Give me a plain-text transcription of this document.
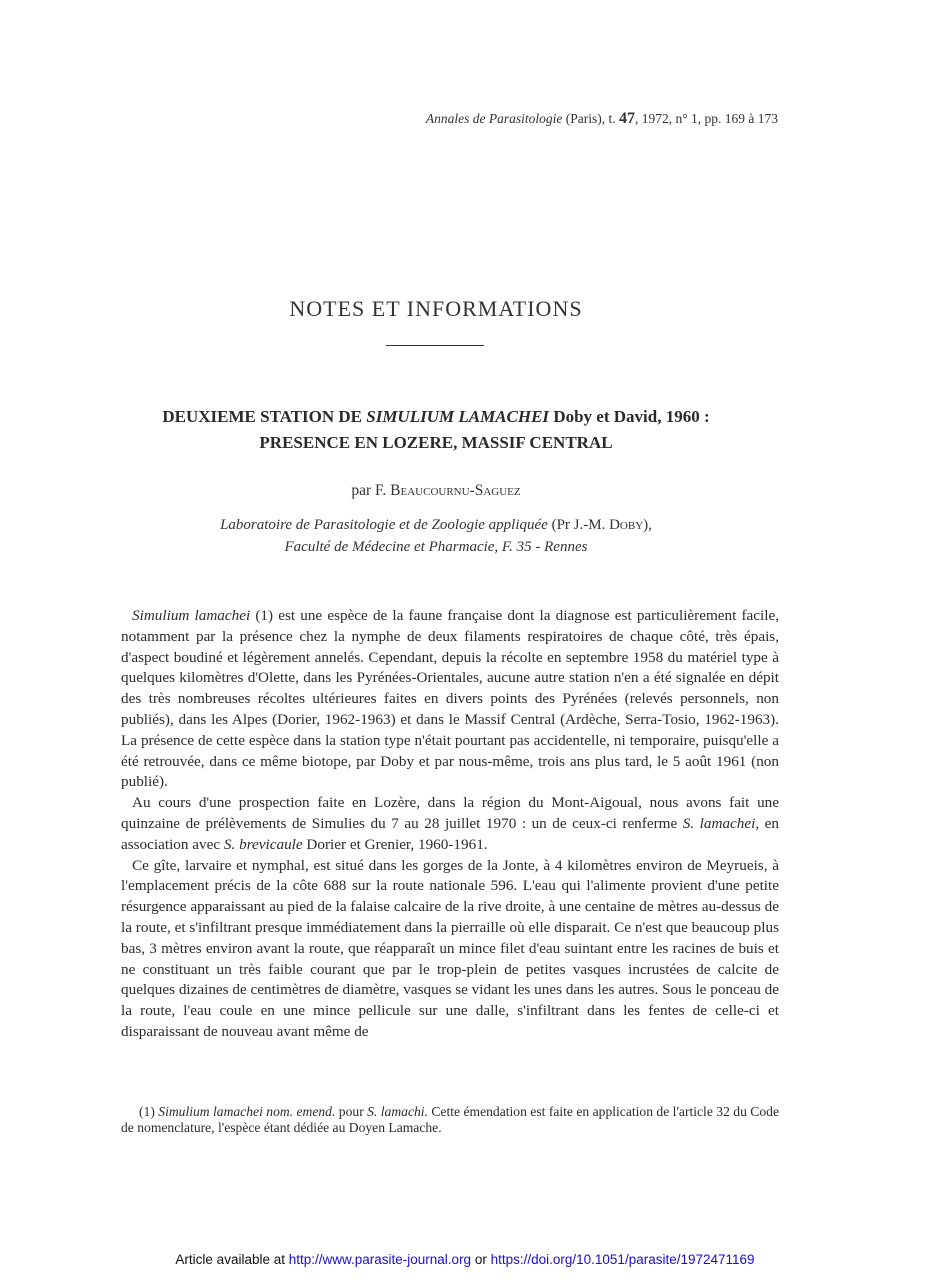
Annales de Parasitologie (Paris), t. 47, 1972, n° 1, pp. 169 à 173
NOTES ET INFORMATIONS
DEUXIEME STATION DE SIMULIUM LAMACHEI Doby et David, 1960 :
PRESENCE EN LOZERE, MASSIF CENTRAL
par F. Beaucournu-Saguez
Laboratoire de Parasitologie et de Zoologie appliquée (Pr J.-M. Doby),
Faculté de Médecine et Pharmacie, F. 35 - Rennes

Simulium lamachei (1) est une espèce de la faune française dont la diagnose est particulièrement facile, notamment par la présence chez la nymphe de deux filaments respiratoires de chaque côté, très épais, d'aspect boudiné et légèrement annelés. Cependant, depuis la récolte en septembre 1958 du matériel type à quelques kilomètres d'Olette, dans les Pyrénées-Orientales, aucune autre station n'en a été signalée en dépit des très nombreuses récoltes ultérieures faites en divers points des Pyrénées (relevés personnels, non publiés), dans les Alpes (Dorier, 1962-1963) et dans le Massif Central (Ardèche, Serra-Tosio, 1962-1963). La présence de cette espèce dans la station type n'était pourtant pas accidentelle, ni temporaire, puisqu'elle a été retrouvée, dans ce même biotope, par Doby et par nous-même, trois ans plus tard, le 5 août 1961 (non publié).

Au cours d'une prospection faite en Lozère, dans la région du Mont-Aigoual, nous avons fait une quinzaine de prélèvements de Simulies du 7 au 28 juillet 1970 : un de ceux-ci renferme S. lamachei, en association avec S. brevicaule Dorier et Grenier, 1960-1961.

Ce gîte, larvaire et nymphal, est situé dans les gorges de la Jonte, à 4 kilomètres environ de Meyrueis, à l'emplacement précis de la côte 688 sur la route nationale 596. L'eau qui l'alimente provient d'une petite résurgence apparaissant au pied de la falaise calcaire de la rive droite, à une centaine de mètres au-dessus de la route, et s'infiltrant presque immédiatement dans la pierraille où elle disparait. Ce n'est que beaucoup plus bas, 3 mètres environ avant la route, que réapparaît un mince filet d'eau suintant entre les racines de buis et ne constituant un très faible courant que par le trop-plein de petites vasques incrustées de calcite de quelques dizaines de centimètres de diamètre, vasques se vidant les unes dans les autres. Sous le ponceau de la route, l'eau coule en une mince pellicule sur une dalle, s'infiltrant dans les fentes de celle-ci et disparaissant de nouveau avant même de

(1) Simulium lamachei nom. emend. pour S. lamachi. Cette émendation est faite en application de l'article 32 du Code de nomenclature, l'espèce étant dédiée au Doyen Lamache.

Article available at http://www.parasite-journal.org or https://doi.org/10.1051/parasite/1972471169
